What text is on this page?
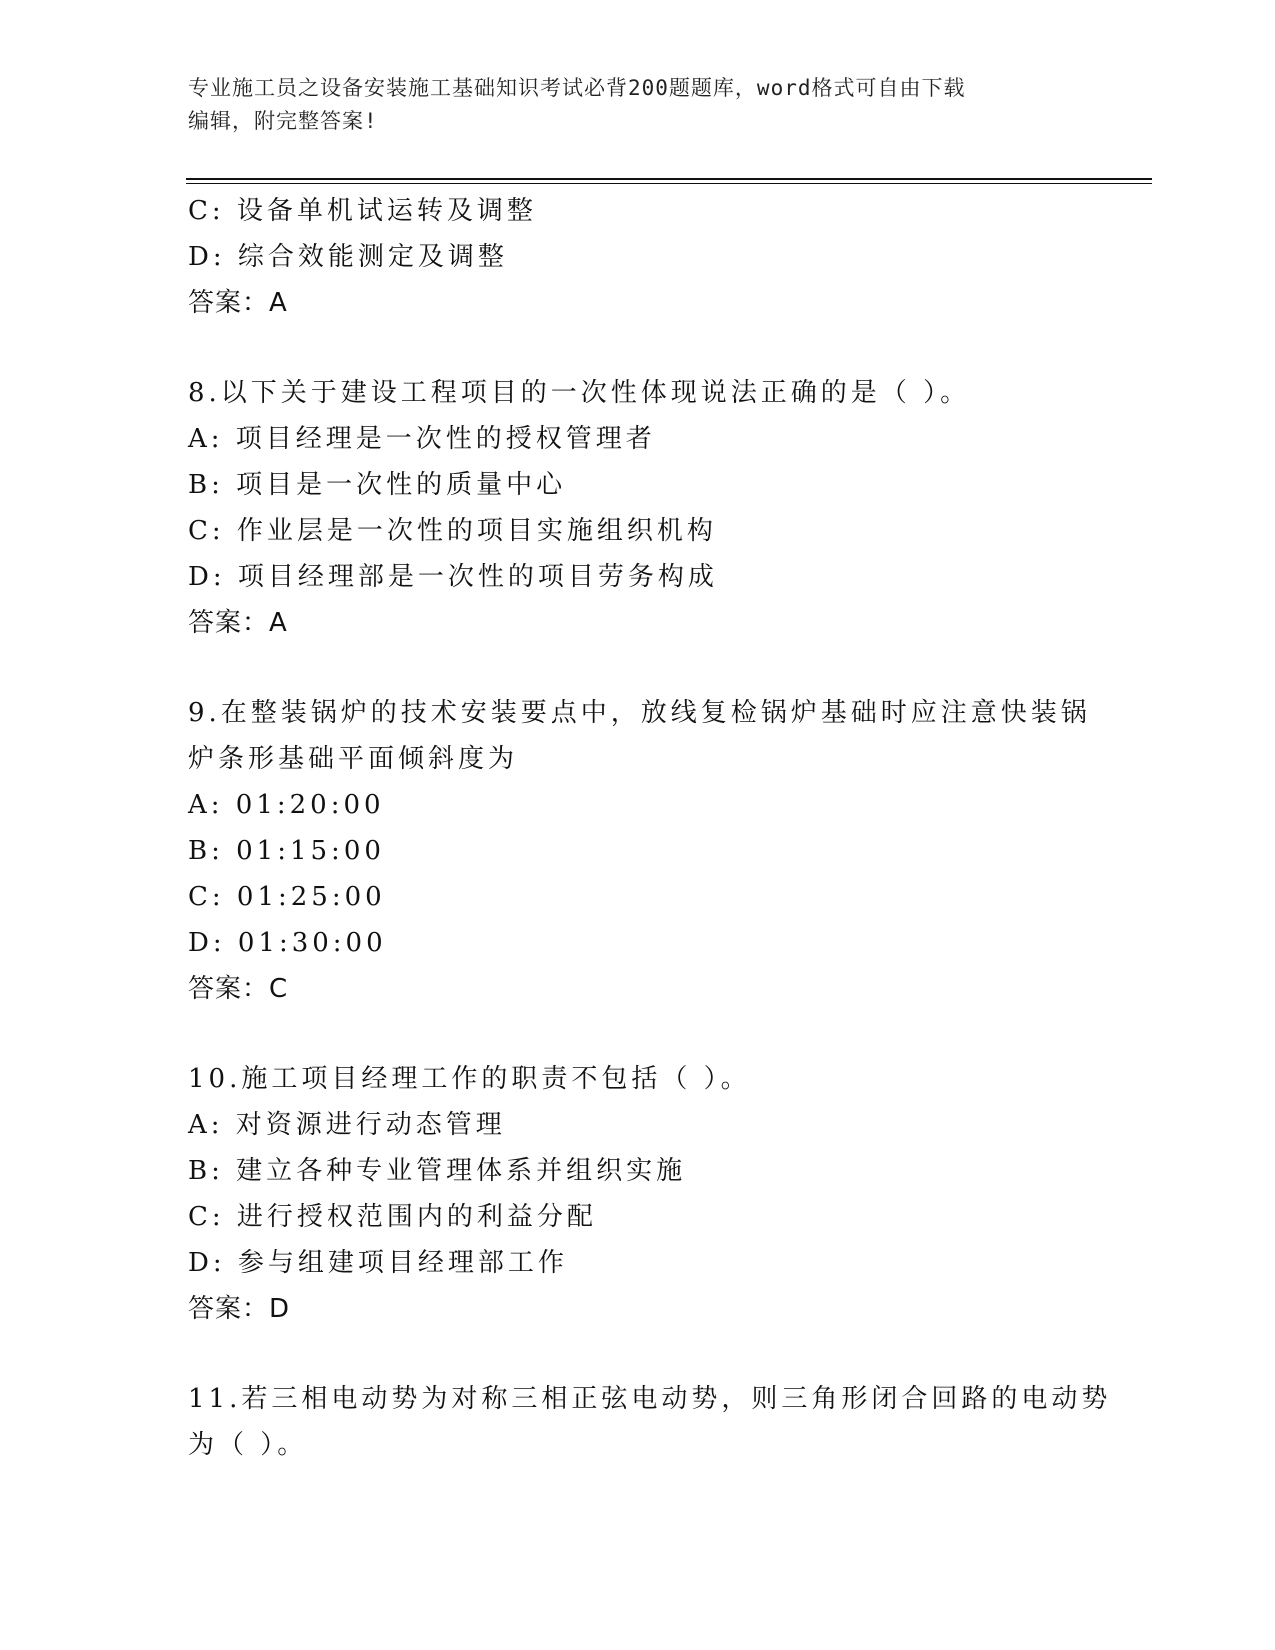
专业施工员之设备安装施工基础知识考试必背200题题库，word格式可自由下载
编辑，附完整答案!
C: 设备单机试运转及调整
D: 综合效能测定及调整
答案：A
8.以下关于建设工程项目的一次性体现说法正确的是（ ）。
A: 项目经理是一次性的授权管理者
B: 项目是一次性的质量中心
C: 作业层是一次性的项目实施组织机构
D: 项目经理部是一次性的项目劳务构成
答案：A
9.在整装锅炉的技术安装要点中，放线复检锅炉基础时应注意快装锅
炉条形基础平面倾斜度为
A: 01:20:00
B: 01:15:00
C: 01:25:00
D: 01:30:00
答案：C
10.施工项目经理工作的职责不包括（ ）。
A: 对资源进行动态管理
B: 建立各种专业管理体系并组织实施
C: 进行授权范围内的利益分配
D: 参与组建项目经理部工作
答案：D
11.若三相电动势为对称三相正弦电动势，则三角形闭合回路的电动势
为（ ）。
